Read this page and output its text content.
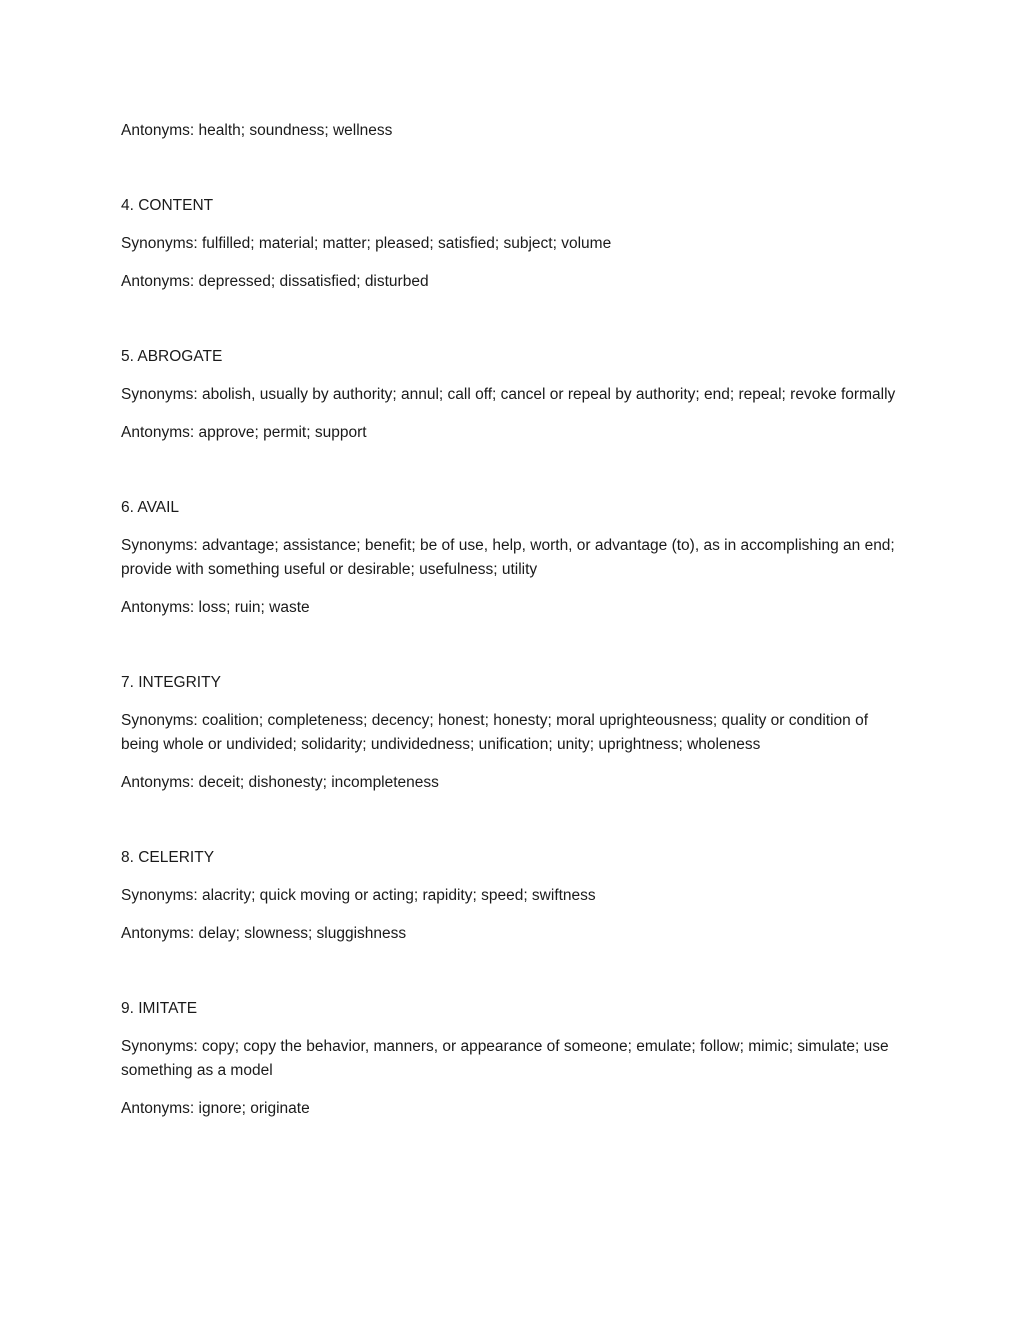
Antonyms: health; soundness; wellness

4. CONTENT

Synonyms: fulfilled; material; matter; pleased; satisfied; subject; volume

Antonyms: depressed; dissatisfied; disturbed

5. ABROGATE

Synonyms: abolish, usually by authority; annul; call off; cancel or repeal by authority; end; repeal; revoke formally

Antonyms: approve; permit; support

6. AVAIL

Synonyms: advantage; assistance; benefit; be of use, help, worth, or advantage (to), as in accomplishing an end; provide with something useful or desirable; usefulness; utility

Antonyms: loss; ruin; waste

7. INTEGRITY

Synonyms: coalition; completeness; decency; honest; honesty; moral uprighteousness; quality or condition of being whole or undivided; solidarity; undividedness; unification; unity; uprightness; wholeness

Antonyms: deceit; dishonesty; incompleteness

8. CELERITY

Synonyms: alacrity; quick moving or acting; rapidity; speed; swiftness

Antonyms: delay; slowness; sluggishness

9. IMITATE

Synonyms: copy; copy the behavior, manners, or appearance of someone; emulate; follow; mimic; simulate; use something as a model

Antonyms: ignore; originate
